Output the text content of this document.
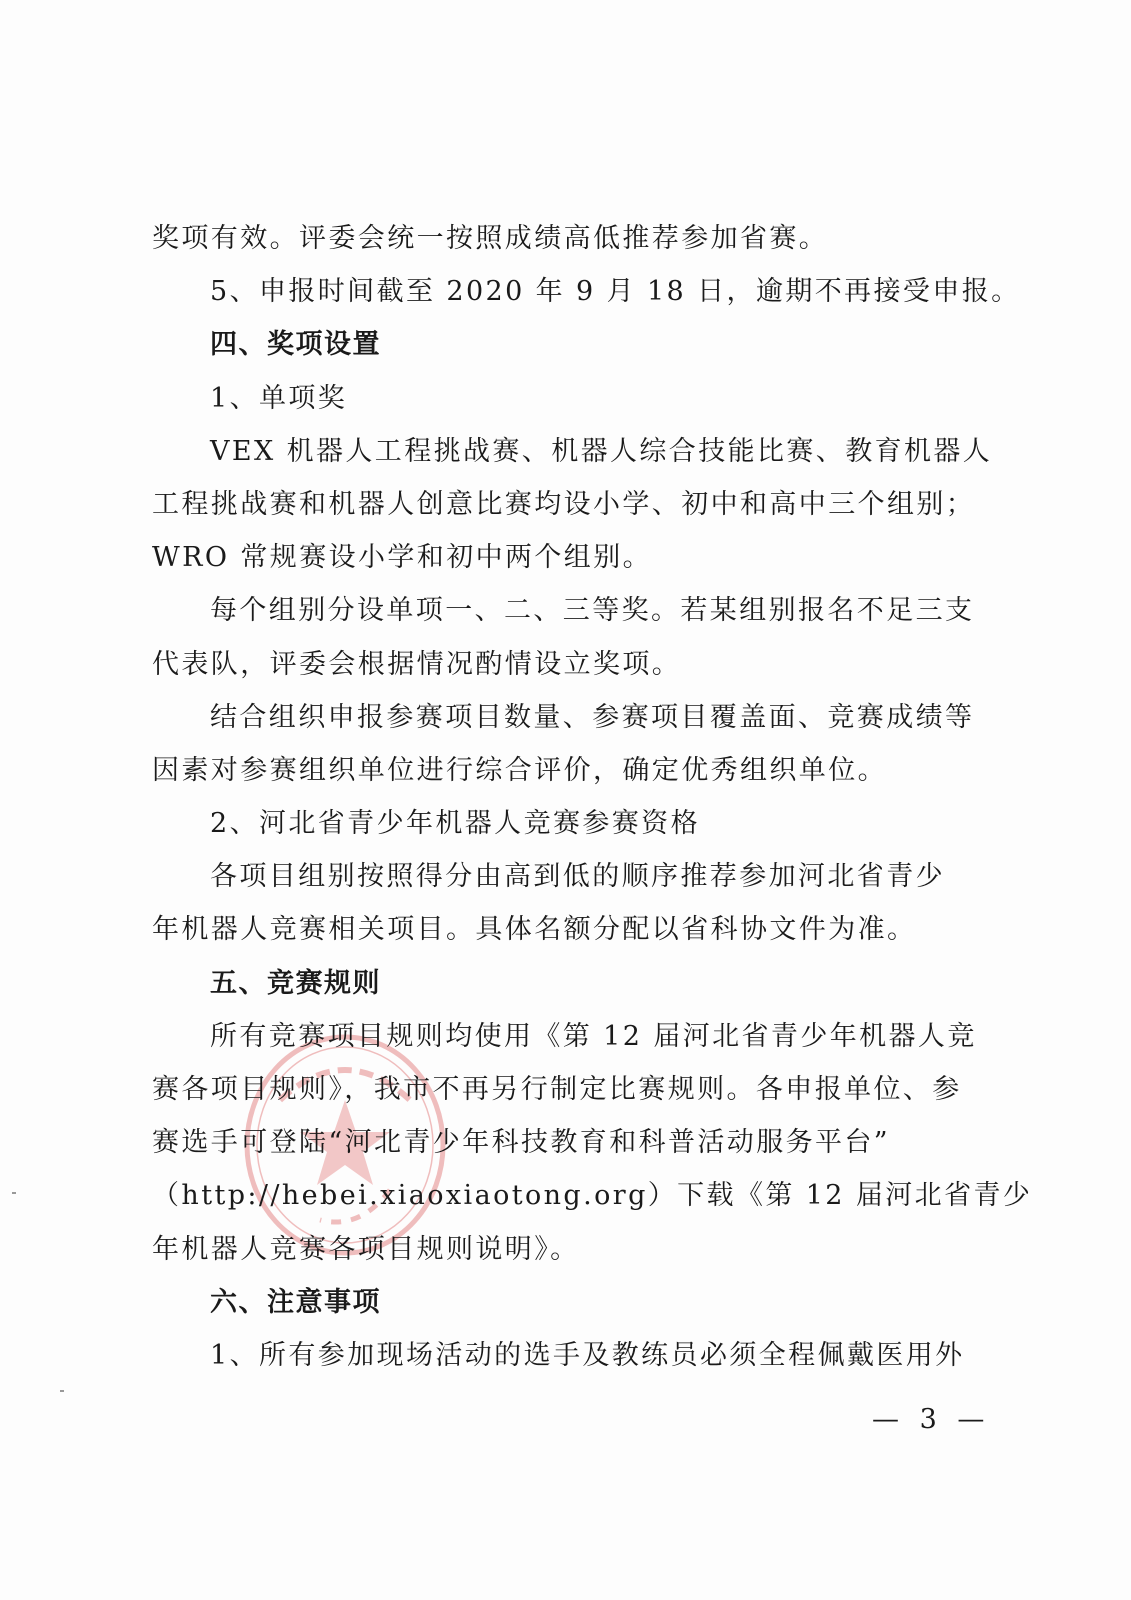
奖项有效。评委会统一按照成绩高低推荐参加省赛。
5、申报时间截至 2020 年 9 月 18 日，逾期不再接受申报。
四、奖项设置
1、单项奖
VEX 机器人工程挑战赛、机器人综合技能比赛、教育机器人
工程挑战赛和机器人创意比赛均设小学、初中和高中三个组别；
WRO 常规赛设小学和初中两个组别。
每个组别分设单项一、二、三等奖。若某组别报名不足三支
代表队，评委会根据情况酌情设立奖项。
结合组织申报参赛项目数量、参赛项目覆盖面、竞赛成绩等
因素对参赛组织单位进行综合评价，确定优秀组织单位。
2、河北省青少年机器人竞赛参赛资格
各项目组别按照得分由高到低的顺序推荐参加河北省青少
年机器人竞赛相关项目。具体名额分配以省科协文件为准。
五、竞赛规则
所有竞赛项目规则均使用《第 12 届河北省青少年机器人竞
赛各项目规则》，我市不再另行制定比赛规则。各申报单位、参
赛选手可登陆“河北青少年科技教育和科普活动服务平台”
（http://hebei.xiaoxiaotong.org）下载《第 12 届河北省青少
年机器人竞赛各项目规则说明》。
六、注意事项
1、所有参加现场活动的选手及教练员必须全程佩戴医用外
— 3 —
